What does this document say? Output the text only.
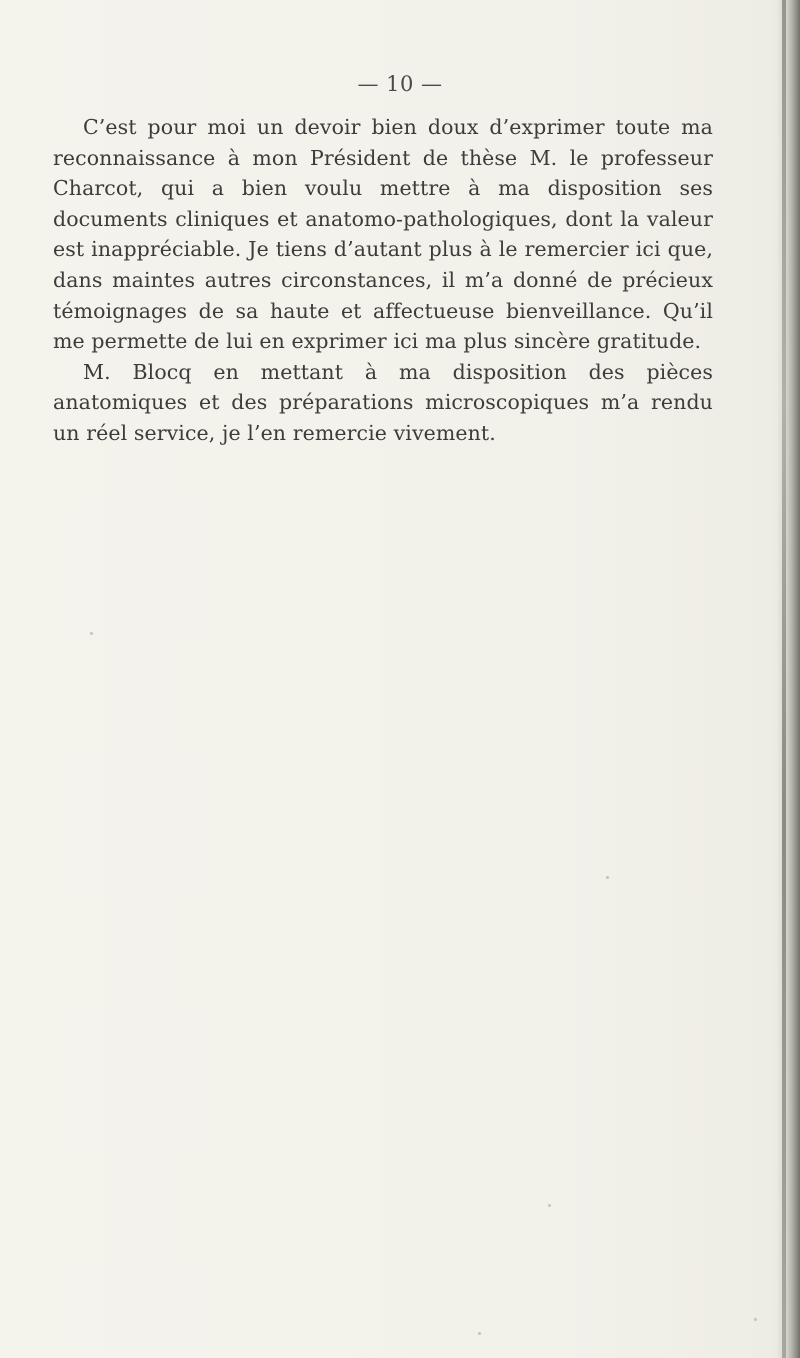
— 10 —

C’est pour moi un devoir bien doux d’exprimer toute ma reconnaissance à mon Président de thèse M. le professeur Charcot, qui a bien voulu mettre à ma disposition ses documents cliniques et anatomo-pathologiques, dont la valeur est inappréciable. Je tiens d’autant plus à le remercier ici que, dans maintes autres circonstances, il m’a donné de précieux témoignages de sa haute et affectueuse bienveillance. Qu’il me permette de lui en exprimer ici ma plus sincère gratitude.

M. Blocq en mettant à ma disposition des pièces anatomiques et des préparations microscopiques m’a rendu un réel service, je l’en remercie vivement.
